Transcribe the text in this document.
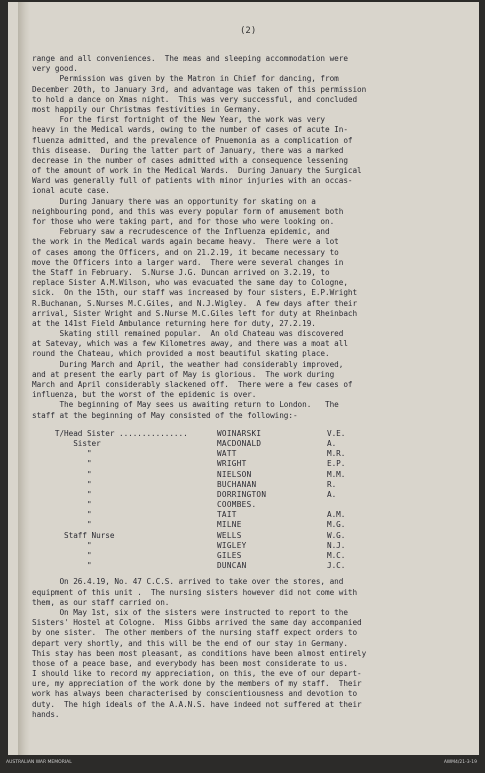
(2)
range and all conveniences.  The meas and sleeping accommodation were
very good.
Permission was given by the Matron in Chief for dancing, from
December 20th, to January 3rd, and advantage was taken of this permission
to hold a dance on Xmas night.  This was very successful, and concluded
most happily our Christmas festivities in Germany.
For the first fortnight of the New Year, the work was very
heavy in the Medical wards, owing to the number of cases of acute In-
fluenza admitted, and the prevalence of Pnuemonia as a complication of
this disease.  During the latter part of January, there was a marked
decrease in the number of cases admitted with a consequence lessening
of the amount of work in the Medical Wards.  During January the Surgical
Ward was generally full of patients with minor injuries with an occas-
ional acute case.
During January there was an opportunity for skating on a
neighbouring pond, and this was every popular form of amusement both
for those who were taking part, and for those who were looking on.
February saw a recrudescence of the Influenza epidemic, and
the work in the Medical wards again became heavy.  There were a lot
of cases among the Officers, and on 21.2.19, it became necessary to
move the Officers into a larger ward.  There were several changes in
the Staff in February.  S.Nurse J.G. Duncan arrived on 3.2.19, to
replace Sister A.M.Wilson, who was evacuated the same day to Cologne,
sick.  On the 15th, our staff was increased by four sisters, E.P.Wright
R.Buchanan, S.Nurses M.C.Giles, and N.J.Wigley.  A few days after their
arrival, Sister Wright and S.Nurse M.C.Giles left for duty at Rheinbach
at the 141st Field Ambulance returning here for duty, 27.2.19.
Skating still remained popular.  An old Chateau was discovered
at Satevay, which was a few Kilometres away, and there was a moat all
round the Chateau, which provided a most beautiful skating place.
During March and April, the weather had considerably improved,
and at present the early part of May is glorious.  The work during
March and April considerably slackened off.  There were a few cases of
influenza, but the worst of the epidemic is over.
The beginning of May sees us awaiting return to London.   The
staff at the beginning of May consisted of the following:-
T/Head Sister ...............	WOINARSKI	V.E.
Sister	MACDONALD	A.
"	WATT	M.R.
"	WRIGHT	E.P.
"	NIELSON	M.M.
"	BUCHANAN	R.
"	DORRINGTON	A.
"	COOMBES.
"	TAIT	A.M.
"	MILNE	M.G.
Staff Nurse	WELLS	W.G.
"	WIGLEY	N.J.
"	GILES	M.C.
"	DUNCAN	J.C.
On 26.4.19, No. 47 C.C.S. arrived to take over the stores, and
equipment of this unit .  The nursing sisters however did not come with
them, as our staff carried on.
On May 1st, six of the sisters were instructed to report to the
Sisters' Hostel at Cologne.  Miss Gibbs arrived the same day accompanied
by one sister.  The other members of the nursing staff expect orders to
depart very shortly, and this will be the end of our stay in Germany.
This stay has been most pleasant, as conditions have been almost entirely
those of a peace base, and everybody has been most considerate to us.
I should like to record my appreciation, on this, the eve of our depart-
ure, my appreciation of the work done by the members of my staff.  Their
work has always been characterised by conscientiousness and devotion to
duty.  The high ideals of the A.A.N.S. have indeed not suffered at their
hands.
AUSTRALIAN WAR MEMORIAL	AWM4/21-3-19
